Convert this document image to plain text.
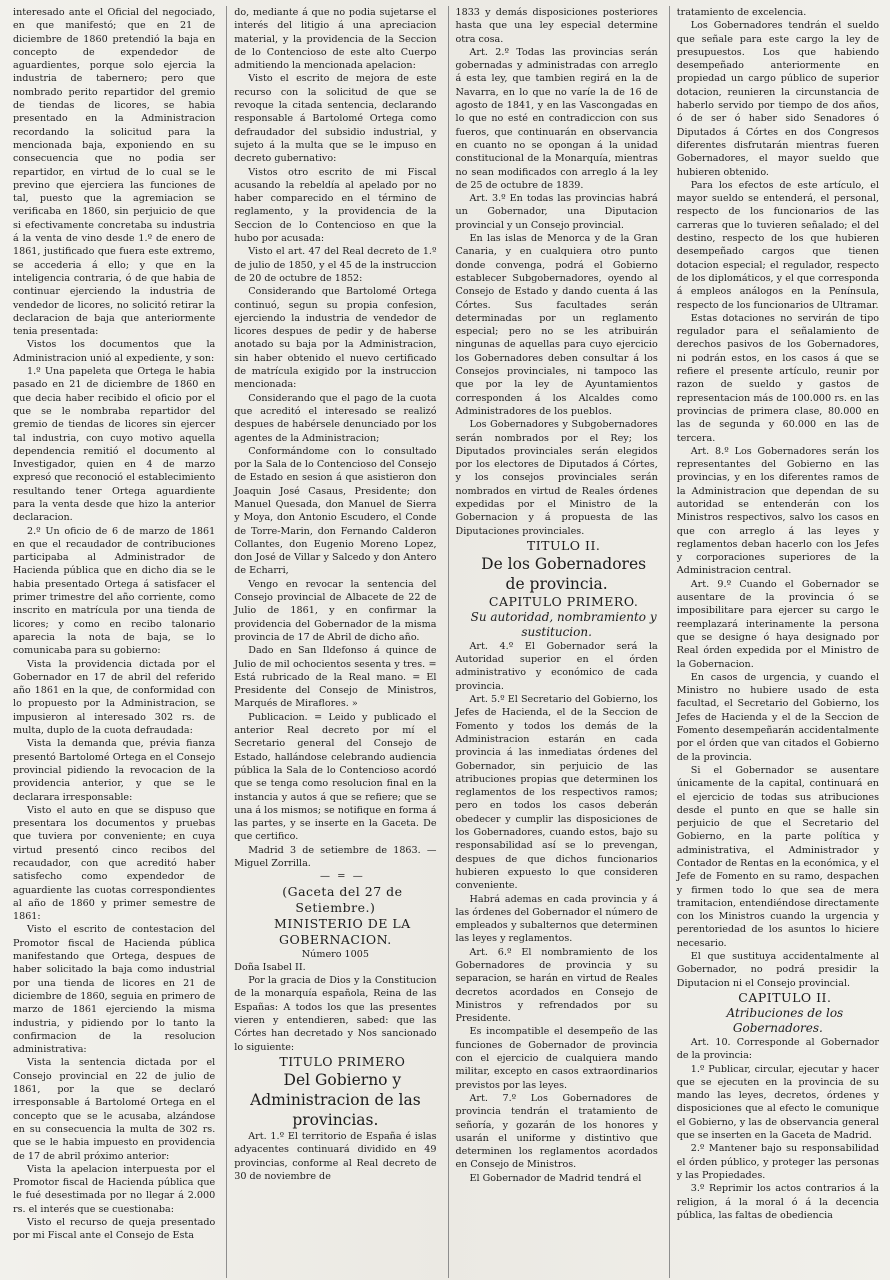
interesado ante el Oficial del negociado, en que manifestó; que en 21 de diciembre de 1860 pretendió la baja en concepto de expendedor de aguardientes, porque solo ejercia la industria de tabernero; pero que nombrado perito repartidor del gremio de tiendas de licores, se habia presentado en la Administracion recordando la solicitud para la mencionada baja, exponiendo en su consecuencia que no podia ser repartidor, en virtud de lo cual se le previno que ejerciera las funciones de tal, puesto que la agremiacion se verificaba en 1860, sin perjuicio de que si efectivamente concretaba su industria á la venta de vino desde 1.º de enero de 1861, justificado que fuera este extremo, se accederia á ello; y que en la inteligencia contraria, ó de que habia de continuar ejerciendo la industria de vendedor de licores, no solicitó retirar la declaracion de baja que anteriormente tenia presentada:

Vistos los documentos que la Administracion unió al expediente, y son:

1.º Una papeleta que Ortega le habia pasado en 21 de diciembre de 1860 en que decia haber recibido el oficio por el que se le nombraba repartidor del gremio de tiendas de licores sin ejercer tal industria, con cuyo motivo aquella dependencia remitió el documento al Investigador, quien en 4 de marzo expresó que reconoció el establecimiento resultando tener Ortega aguardiente para la venta desde que hizo la anterior declaracion.

2.º Un oficio de 6 de marzo de 1861 en que el recaudador de contribuciones participaba al Administrador de Hacienda pública que en dicho dia se le habia presentado Ortega á satisfacer el primer trimestre del año corriente, como inscrito en matrícula por una tienda de licores; y como en recibo talonario aparecia la nota de baja, se lo comunicaba para su gobierno:

Vista la providencia dictada por el Gobernador en 17 de abril del referido año 1861 en la que, de conformidad con lo propuesto por la Administracion, se impusieron al interesado 302 rs. de multa, duplo de la cuota defraudada:

Vista la demanda que, prévia fianza presentó Bartolomé Ortega en el Consejo provincial pidiendo la revocacion de la providencia anterior, y que se le declarara irresponsable:

Visto el auto en que se dispuso que presentara los documentos y pruebas que tuviera por conveniente; en cuya virtud presentó cinco recibos del recaudador, con que acreditó haber satisfecho como expendedor de aguardiente las cuotas correspondientes al año de 1860 y primer semestre de 1861:

Visto el escrito de contestacion del Promotor fiscal de Hacienda pública manifestando que Ortega, despues de haber solicitado la baja como industrial por una tienda de licores en 21 de diciembre de 1860, seguia en primero de marzo de 1861 ejerciendo la misma industria, y pidiendo por lo tanto la confirmacion de la resolucion administrativa:

Vista la sentencia dictada por el Consejo provincial en 22 de julio de 1861, por la que se declaró irresponsable á Bartolomé Ortega en el concepto que se le acusaba, alzándose en su consecuencia la multa de 302 rs. que se le habia impuesto en providencia de 17 de abril próximo anterior:

Vista la apelacion interpuesta por el Promotor fiscal de Hacienda pública que le fué desestimada por no llegar á 2.000 rs. el interés que se cuestionaba:

Visto el recurso de queja presentado por mi Fiscal ante el Consejo de Esta

do, mediante á que no podia sujetarse el interés del litigio á una apreciacion material, y la providencia de la Seccion de lo Contencioso de este alto Cuerpo admitiendo la mencionada apelacion:

Visto el escrito de mejora de este recurso con la solicitud de que se revoque la citada sentencia, declarando responsable á Bartolomé Ortega como defraudador del subsidio industrial, y sujeto á la multa que se le impuso en decreto gubernativo:

Vistos otro escrito de mi Fiscal acusando la rebeldía al apelado por no haber comparecido en el término de reglamento, y la providencia de la Seccion de lo Contencioso en que la hubo por acusada:

Visto el art. 47 del Real decreto de 1.º de julio de 1850, y el 45 de la instruccion de 20 de octubre de 1852:

Considerando que Bartolomé Ortega continuó, segun su propia confesion, ejerciendo la industria de vendedor de licores despues de pedir y de haberse anotado su baja por la Administracion, sin haber obtenido el nuevo certificado de matrícula exigido por la instruccion mencionada:

Considerando que el pago de la cuota que acreditó el interesado se realizó despues de habérsele denunciado por los agentes de la Administracion;

Conformándome con lo consultado por la Sala de lo Contencioso del Consejo de Estado en sesion á que asistieron don Joaquin José Casaus, Presidente; don Manuel Quesada, don Manuel de Sierra y Moya, don Antonio Escudero, el Conde de Torre-Marin, don Fernando Calderon Collantes, don Eugenio Moreno Lopez, don José de Villar y Salcedo y don Antero de Echarri,

Vengo en revocar la sentencia del Consejo provincial de Albacete de 22 de Julio de 1861, y en confirmar la providencia del Gobernador de la misma provincia de 17 de Abril de dicho año.

Dado en San Ildefonso á quince de Julio de mil ochocientos sesenta y tres. = Está rubricado de la Real mano. = El Presidente del Consejo de Ministros, Marqués de Miraflores. »

Publicacion. = Leido y publicado el anterior Real decreto por mí el Secretario general del Consejo de Estado, hallándose celebrando audiencia pública la Sala de lo Contencioso acordó que se tenga como resolucion final en la instancia y autos á que se refiere; que se una á los mismos; se notifique en forma á las partes, y se inserte en la Gaceta. De que certifico.

Madrid 3 de setiembre de 1863. — Miguel Zorrilla.

— = —

(Gaceta del 27 de Setiembre.)

MINISTERIO DE LA GOBERNACION.

Número 1005

Doña Isabel II.

Por la gracia de Dios y la Constitucion de la monarquía española, Reina de las Españas: A todos los que las presentes vieren y entendieren, sabed: que las Córtes han decretado y Nos sancionado lo siguiente:

TITULO PRIMERO

Del Gobierno y Administracion de las provincias.

Art. 1.º El territorio de España é islas adyacentes continuará dividido en 49 provincias, conforme al Real decreto de 30 de noviembre de

1833 y demás disposiciones posteriores hasta que una ley especial determine otra cosa.

Art. 2.º Todas las provincias serán gobernadas y administradas con arreglo á esta ley, que tambien regirá en la de Navarra, en lo que no varíe la de 16 de agosto de 1841, y en las Vascongadas en lo que no esté en contradiccion con sus fueros, que continuarán en observancia en cuanto no se opongan á la unidad constitucional de la Monarquía, mientras no sean modificados con arreglo á la ley de 25 de octubre de 1839.

Art. 3.º En todas las provincias habrá un Gobernador, una Diputacion provincial y un Consejo provincial.

En las islas de Menorca y de la Gran Canaria, y en cualquiera otro punto donde convenga, podrá el Gobierno establecer Subgobernadores, oyendo al Consejo de Estado y dando cuenta á las Córtes. Sus facultades serán determinadas por un reglamento especial; pero no se les atribuirán ningunas de aquellas para cuyo ejercicio los Gobernadores deben consultar á los Consejos provinciales, ni tampoco las que por la ley de Ayuntamientos corresponden á los Alcaldes como Administradores de los pueblos.

Los Gobernadores y Subgobernadores serán nombrados por el Rey; los Diputados provinciales serán elegidos por los electores de Diputados á Córtes, y los consejos provinciales serán nombrados en virtud de Reales órdenes expedidas por el Ministro de la Gobernacion y á propuesta de las Diputaciones provinciales.

TITULO II.

De los Gobernadores de provincia.

CAPITULO PRIMERO.

Su autoridad, nombramiento y sustitucion.

Art. 4.º El Gobernador será la Autoridad superior en el órden administrativo y económico de cada provincia.

Art. 5.º El Secretario del Gobierno, los Jefes de Hacienda, el de la Seccion de Fomento y todos los demás de la Administracion estarán en cada provincia á las inmediatas órdenes del Gobernador, sin perjuicio de las atribuciones propias que determinen los reglamentos de los respectivos ramos; pero en todos los casos deberán obedecer y cumplir las disposiciones de los Gobernadores, cuando estos, bajo su responsabilidad así se lo prevengan, despues de que dichos funcionarios hubieren expuesto lo que consideren conveniente.

Habrá ademas en cada provincia y á las órdenes del Gobernador el número de empleados y subalternos que determinen las leyes y reglamentos.

Art. 6.º El nombramiento de los Gobernadores de provincia y su separacion, se harán en virtud de Reales decretos acordados en Consejo de Ministros y refrendados por su Presidente.

Es incompatible el desempeño de las funciones de Gobernador de provincia con el ejercicio de cualquiera mando militar, excepto en casos extraordinarios previstos por las leyes.

Art. 7.º Los Gobernadores de provincia tendrán el tratamiento de señoría, y gozarán de los honores y usarán el uniforme y distintivo que determinen los reglamentos acordados en Consejo de Ministros.

El Gobernador de Madrid tendrá el

tratamiento de excelencia.

Los Gobernadores tendrán el sueldo que señale para este cargo la ley de presupuestos. Los que habiendo desempeñado anteriormente en propiedad un cargo público de superior dotacion, reunieren la circunstancia de haberlo servido por tiempo de dos años, ó de ser ó haber sido Senadores ó Diputados á Córtes en dos Congresos diferentes disfrutarán mientras fueren Gobernadores, el mayor sueldo que hubieren obtenido.

Para los efectos de este artículo, el mayor sueldo se entenderá, el personal, respecto de los funcionarios de las carreras que lo tuvieren señalado; el del destino, respecto de los que hubieren desempeñado cargos que tienen dotacion especial; el regulador, respecto de los diplomáticos, y el que corresponda á empleos análogos en la Península, respecto de los funcionarios de Ultramar.

Estas dotaciones no servirán de tipo regulador para el señalamiento de derechos pasivos de los Gobernadores, ni podrán estos, en los casos á que se refiere el presente artículo, reunir por razon de sueldo y gastos de representacion más de 100.000 rs. en las provincias de primera clase, 80.000 en las de segunda y 60.000 en las de tercera.

Art. 8.º Los Gobernadores serán los representantes del Gobierno en las provincias, y en los diferentes ramos de la Administracion que dependan de su autoridad se entenderán con los Ministros respectivos, salvo los casos en que con arreglo á las leyes y reglamentos deban hacerlo con los Jefes y corporaciones superiores de la Administracion central.

Art. 9.º Cuando el Gobernador se ausentare de la provincia ó se imposibilitare para ejercer su cargo le reemplazará interinamente la persona que se designe ó haya designado por Real órden expedida por el Ministro de la Gobernacion.

En casos de urgencia, y cuando el Ministro no hubiere usado de esta facultad, el Secretario del Gobierno, los Jefes de Hacienda y el de la Seccion de Fomento desempeñarán accidentalmente por el órden que van citados el Gobierno de la provincia.

Si el Gobernador se ausentare únicamente de la capital, continuará en el ejercicio de todas sus atribuciones desde el punto en que se halle sin perjuicio de que el Secretario del Gobierno, en la parte política y administrativa, el Administrador y Contador de Rentas en la económica, y el Jefe de Fomento en su ramo, despachen y firmen todo lo que sea de mera tramitacion, entendiéndose directamente con los Ministros cuando la urgencia y perentoriedad de los asuntos lo hiciere necesario.

El que sustituya accidentalmente al Gobernador, no podrá presidir la Diputacion ni el Consejo provincial.

CAPITULO II.

Atribuciones de los Gobernadores.

Art. 10. Corresponde al Gobernador de la provincia:

1.º Publicar, circular, ejecutar y hacer que se ejecuten en la provincia de su mando las leyes, decretos, órdenes y disposiciones que al efecto le comunique el Gobierno, y las de observancia general que se inserten en la Gaceta de Madrid.

2.º Mantener bajo su responsabilidad el órden público, y proteger las personas y las Propiedades.

3.º Reprimir los actos contrarios á la religion, á la moral ó á la decencia pública, las faltas de obediencia
